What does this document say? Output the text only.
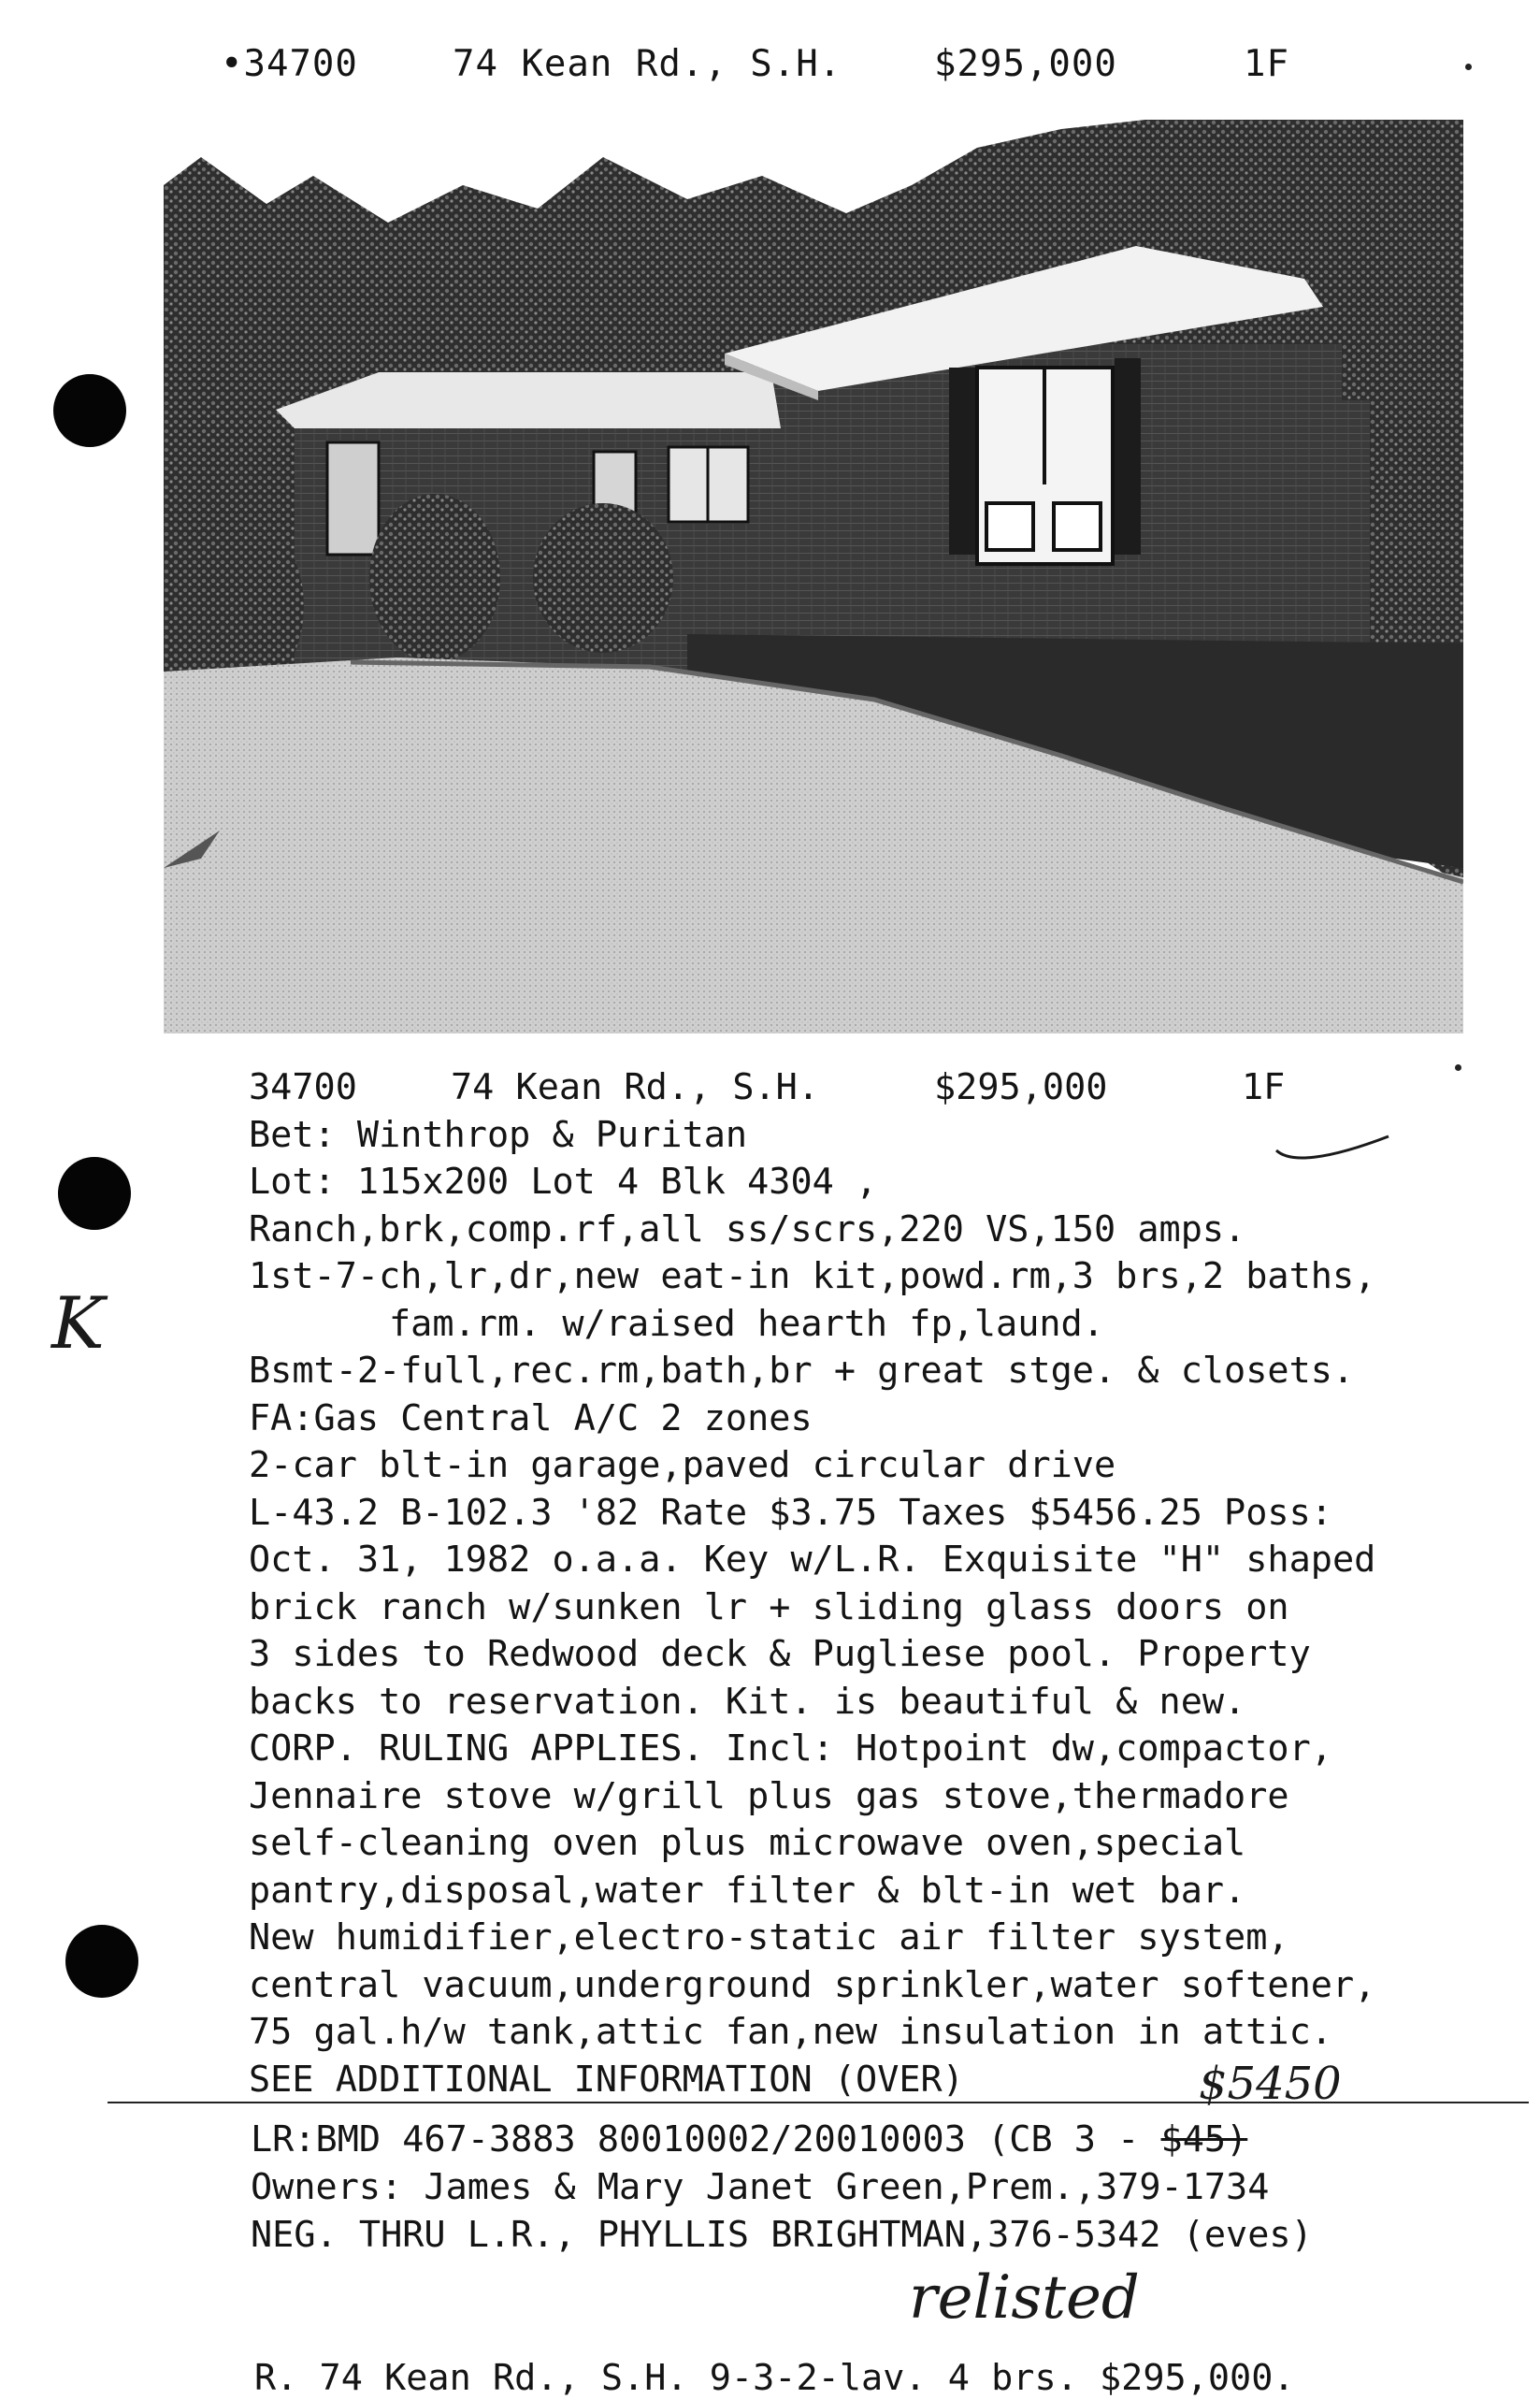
•34700

	74 Kean Rd., S.H.

	$295,000

	1F

34700	74 Kean Rd., S.H.	$295,000	1F
Bet: Winthrop & Puritan
Lot: 115x200 Lot 4 Blk 4304 ,
Ranch,brk,comp.rf,all ss/scrs,220 VS,150 amps.
1st-7-ch,lr,dr,new eat-in kit,powd.rm,3 brs,2 baths,
fam.rm. w/raised hearth fp,laund.
Bsmt-2-full,rec.rm,bath,br + great stge. & closets.
FA:Gas Central A/C 2 zones
2-car blt-in garage,paved circular drive
L-43.2 B-102.3 '82 Rate $3.75 Taxes $5456.25 Poss:
Oct. 31, 1982 o.a.a. Key w/L.R. Exquisite "H" shaped
brick ranch w/sunken lr + sliding glass doors on
3 sides to Redwood deck & Pugliese pool. Property
backs to reservation. Kit. is beautiful & new.
CORP. RULING APPLIES. Incl: Hotpoint dw,compactor,
Jennaire stove w/grill plus gas stove,thermadore
self-cleaning oven plus microwave oven,special
pantry,disposal,water filter & blt-in wet bar.
New humidifier,electro-static air filter system,
central vacuum,underground sprinkler,water softener,
75 gal.h/w tank,attic fan,new insulation in attic.
SEE ADDITIONAL INFORMATION (OVER)
LR:BMD 467-3883 80010002/20010003 (CB 3 - $45)
Owners: James & Mary Janet Green,Prem.,379-1734
NEG. THRU L.R., PHYLLIS BRIGHTMAN,376-5342 (eves)
K
$5450
relisted
R. 74 Kean Rd., S.H. 9-3-2-lav. 4 brs. $295,000.
